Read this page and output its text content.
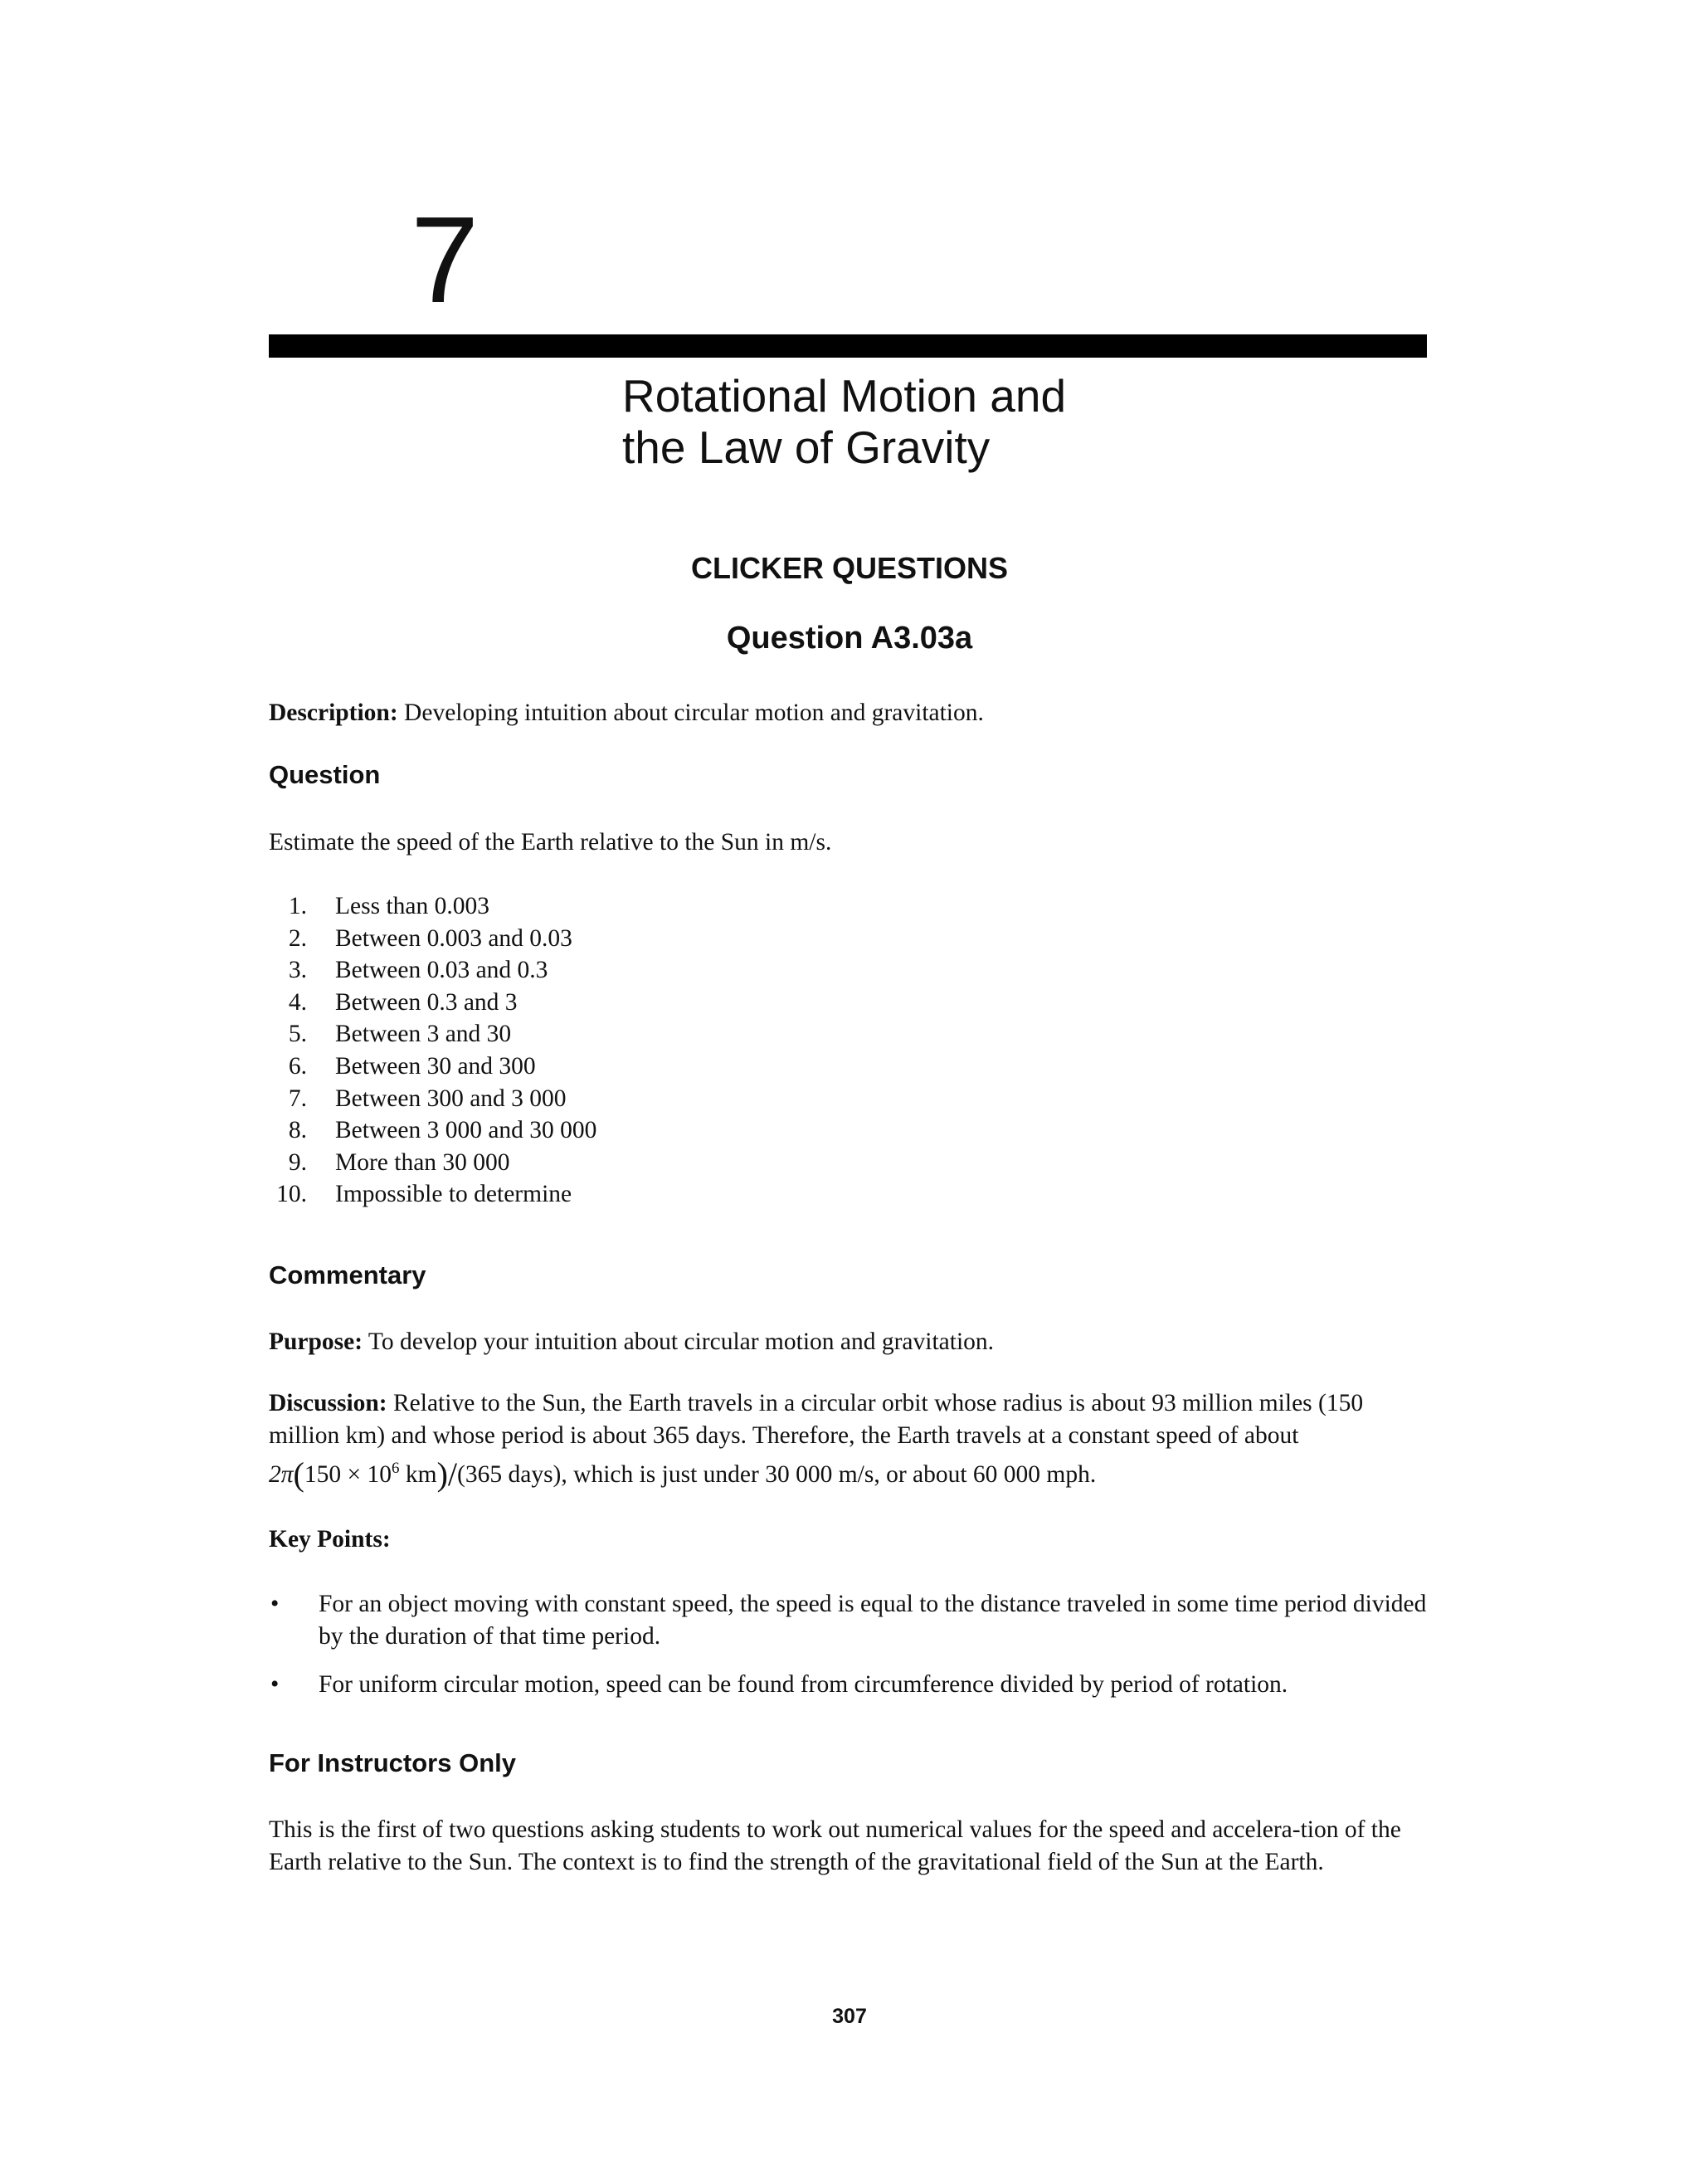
7
Rotational Motion and
the Law of Gravity
CLICKER QUESTIONS
Question A3.03a

Description: Developing intuition about circular motion and gravitation.

Question

Estimate the speed of the Earth relative to the Sun in m/s.

1. Less than 0.003
2. Between 0.003 and 0.03
3. Between 0.03 and 0.3
4. Between 0.3 and 3
5. Between 3 and 30
6. Between 30 and 300
7. Between 300 and 3 000
8. Between 3 000 and 30 000
9. More than 30 000
10. Impossible to determine
Commentary

Purpose: To develop your intuition about circular motion and gravitation.

Discussion: Relative to the Sun, the Earth travels in a circular orbit whose radius is about 93 million miles (150 million km) and whose period is about 365 days. Therefore, the Earth travels at a constant speed of about $2\pi(150 \times 10^6$ km)/(365 days), which is just under 30 000 m/s, or about 60 000 mph.

Key Points:

• For an object moving with constant speed, the speed is equal to the distance traveled in some time period divided by the duration of that time period.
• For uniform circular motion, speed can be found from circumference divided by period of rotation.
For Instructors Only

This is the first of two questions asking students to work out numerical values for the speed and accelera-tion of the Earth relative to the Sun. The context is to find the strength of the gravitational field of the Sun at the Earth.

307
